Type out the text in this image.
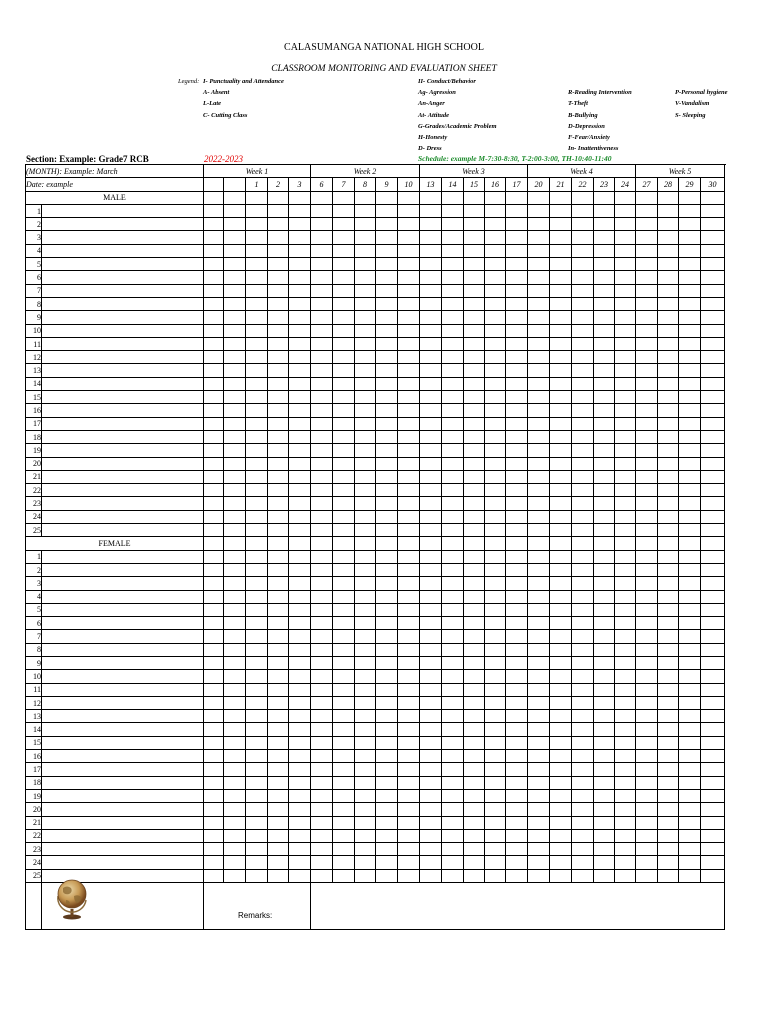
CALASUMANGA NATIONAL HIGH SCHOOL
CLASSROOM MONITORING AND EVALUATION SHEET
Legend: I- Punctuality and Attendance
A- Absent
L-Late
C- Cutting Class
II- Conduct/Behavior
Ag- Agression
An-Anger
At- Attitude
G-Grades/Academic Problem
H-Honesty
D- Dress
R-Reading Intervention
T-Theft
B-Bullying
D-Depression
F-Fear/Anxiety
In- Inattentiveness
P-Personal hygiene
V-Vandalism
S- Sleeping
Section: Example: Grade7 RCB	2022-2023	Schedule: example M-7:30-8:30, T-2:00-3:00, TH-10:40-11:40
(MONTH): Example: March		Week 1					Week 2					Week 3					Week 4					Week 5				
Date: example				1	2	3	6	7	8	9	10	13	14	15	16	17	20	21	22	23	24	27	28	29	30	
MALE																										
1																										
2																										
3																										
4																										
5																										
6																										
7																										
8																										
9																										
10																										
11																										
12																										
13																										
14																										
15																										
16																										
17																										
18																										
19																										
20																										
21																										
22																										
23																										
24																										
25																										
FEMALE																										
1																										
2																										
3																										
4																										
5																										
6																										
7																										
8																										
9																										
10																										
11																										
12																										
13																										
14																										
15																										
16																										
17																										
18																										
19																										
20																										
21																										
22																										
23																										
24																										
25																										

Remarks:
